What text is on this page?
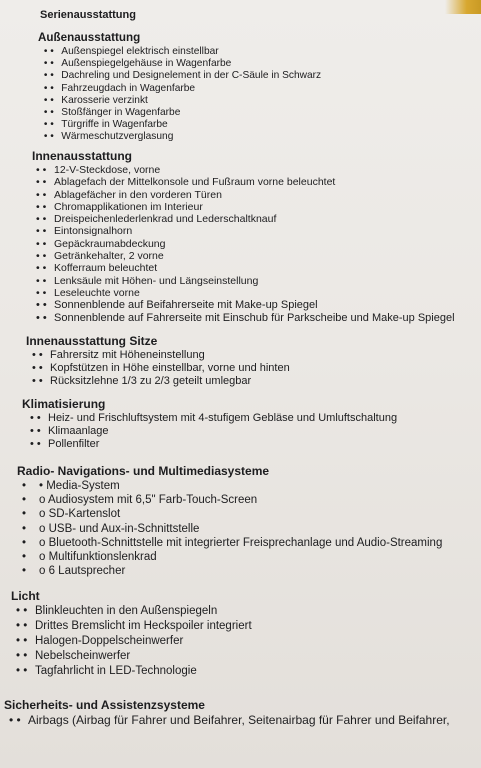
Serienausstattung
Außenausstattung
• • Außenspiegel elektrisch einstellbar
• • Außenspiegelgehäuse in Wagenfarbe
• • Dachreling und Designelement in der C-Säule in Schwarz
• • Fahrzeugdach in Wagenfarbe
• • Karosserie verzinkt
• • Stoßfänger in Wagenfarbe
• • Türgriffe in Wagenfarbe
• • Wärmeschutzverglasung
Innenausstattung
• • 12-V-Steckdose, vorne
• • Ablagefach der Mittelkonsole und Fußraum vorne beleuchtet
• • Ablagefächer in den vorderen Türen
• • Chromapplikationen im Interieur
• • Dreispeichenlederlenkrad und Lederschaltknauf
• • Eintonsignalhorn
• • Gepäckraumabdeckung
• • Getränkehalter, 2 vorne
• • Kofferraum beleuchtet
• • Lenksäule mit Höhen- und Längseinstellung
• • Leseleuchte vorne
• • Sonnenblende auf Beifahrerseite mit Make-up Spiegel
• • Sonnenblende auf Fahrerseite mit Einschub für Parkscheibe und Make-up Spiegel
Innenausstattung Sitze
• • Fahrersitz mit Höheneinstellung
• • Kopfstützen in Höhe einstellbar, vorne und hinten
• • Rücksitzlehne 1/3 zu 2/3 geteilt umlegbar
Klimatisierung
• • Heiz- und Frischluftsystem mit 4-stufigem Gebläse und Umluftschaltung
• • Klimaanlage
• • Pollenfilter
Radio- Navigations- und Multimediasysteme
•	• Media-System
•	o Audiosystem mit 6,5" Farb-Touch-Screen
•	o SD-Kartenslot
•	o USB- und Aux-in-Schnittstelle
•	o Bluetooth-Schnittstelle mit integrierter Freisprechanlage und Audio-Streaming
•	o Multifunktionslenkrad
•	o 6 Lautsprecher
Licht
• • Blinkleuchten in den Außenspiegeln
• • Drittes Bremslicht im Heckspoiler integriert
• • Halogen-Doppelscheinwerfer
• • Nebelscheinwerfer
• • Tagfahrlicht in LED-Technologie
Sicherheits- und Assistenzsysteme
• • Airbags (Airbag für Fahrer und Beifahrer, Seitenairbag für Fahrer und Beifahrer,
